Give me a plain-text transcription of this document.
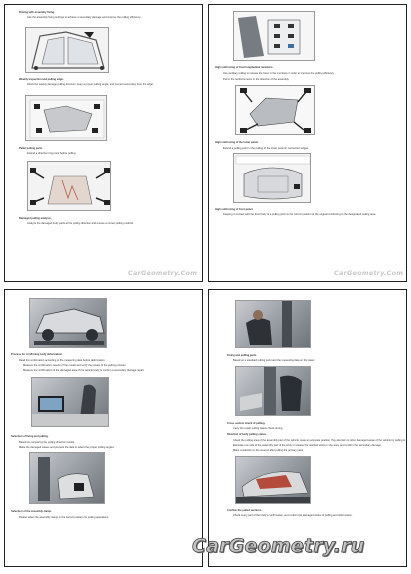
Driving with assembly fixing.
Use the assembly fixing settings to achieve a secondary damage and improve the pulling efficiency.
Weekly inspection and pulling edge.
Direct the weekly damage pulling direction, keep a proper pulling angle, and prevent secondary from the edge.
Pallet pulling parts.
Extend a direction ring point before pulling.
Damaged pulling analysis.
Analyze the damaged body parts at the pulling direction and ensure a correct pulling method.
CarGeometry.Com
High reinforcing of front longitudinal members.
Use auxiliary pulling to release the force in the members in order to improve the pulling efficiency.
Pull in the reinforcements in the direction of the assembly.
High reinforcing of the lower panel.
Extend a pulling point in the pulling of the lower panel in connection edges.
High reinforcing of front-panel.
Keeping in contact with the front body of a pulling point to the correct position of the original reinforcing to the designated pulling area.
CarGeometry.Com
Process for confirming body deformation.
Read the confirmation according to the measuring data before deformation.
Measure the confirmation results of the model and verify the results of the pulling process.
Measure the confirmation of the damaged area of the vehicle body to confirm a secondary damage repair.
Selection of fixing and pulling.
Based on comparing the pulling direction results.
Make the damaged values and prepare the data to select the proper pulling angles.
Selection of the assembly clamp.
Please select the assembly clamp in the correct position for pulling operations.
Fixing and pulling parts.
Based on a standard pulling point and the measuring data on the tower.
Cross section check of pulling.
Carry the repair pulling status check during.
Direction of body pulling status.
Check the pulling area of the assembly part of the vehicle, keep an accurate position. Pay attention to other damaged areas of the vehicle by pulling in.
Eliminate one side of the assembly part of the body to release the residual stress in the area, and confirm the secondary damage.
Make a selection in the reserve after pulling the primary parts.
Confirm the pulled sections.
Check every part of the body's confirmation, and confirm the damaged status of pulling and deformation.
CarGeometry.ru
